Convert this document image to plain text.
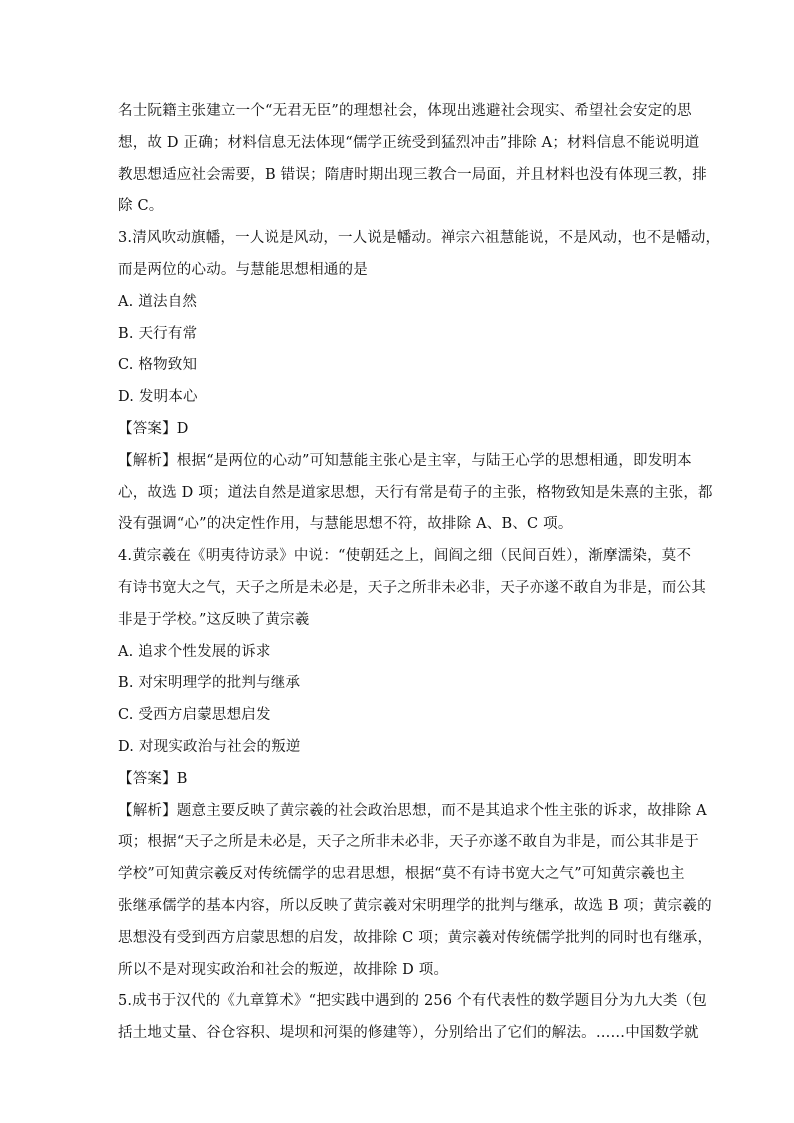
名士阮籍主张建立一个“无君无臣”的理想社会，体现出逃避社会现实、希望社会安定的思
想，故 D 正确；材料信息无法体现“儒学正统受到猛烈冲击”排除 A；材料信息不能说明道
教思想适应社会需要，B 错误；隋唐时期出现三教合一局面，并且材料也没有体现三教，排
除 C。
3.清风吹动旗幡，一人说是风动，一人说是幡动。禅宗六祖慧能说，不是风动，也不是幡动，
而是两位的心动。与慧能思想相通的是
A. 道法自然
B. 天行有常
C. 格物致知
D. 发明本心
【答案】D
【解析】根据“是两位的心动”可知慧能主张心是主宰，与陆王心学的思想相通，即发明本
心，故选 D 项；道法自然是道家思想，天行有常是荀子的主张，格物致知是朱熹的主张，都
没有强调“心”的决定性作用，与慧能思想不符，故排除 A、B、C 项。
4.黄宗羲在《明夷待访录》中说：“使朝廷之上，闾阎之细（民间百姓），渐摩濡染，莫不
有诗书宽大之气，天子之所是未必是，天子之所非未必非，天子亦遂不敢自为非是，而公其
非是于学校。”这反映了黄宗羲
A. 追求个性发展的诉求
B. 对宋明理学的批判与继承
C. 受西方启蒙思想启发
D. 对现实政治与社会的叛逆
【答案】B
【解析】题意主要反映了黄宗羲的社会政治思想，而不是其追求个性主张的诉求，故排除 A
项；根据“天子之所是未必是，天子之所非未必非，天子亦遂不敢自为非是，而公其非是于
学校”可知黄宗羲反对传统儒学的忠君思想，根据“莫不有诗书宽大之气”可知黄宗羲也主
张继承儒学的基本内容，所以反映了黄宗羲对宋明理学的批判与继承，故选 B 项；黄宗羲的
思想没有受到西方启蒙思想的启发，故排除 C 项；黄宗羲对传统儒学批判的同时也有继承，
所以不是对现实政治和社会的叛逆，故排除 D 项。
5.成书于汉代的《九章算术》“把实践中遇到的 256 个有代表性的数学题目分为九大类（包
括土地丈量、谷仓容积、堤坝和河渠的修建等），分别给出了它们的解法。……中国数学就
